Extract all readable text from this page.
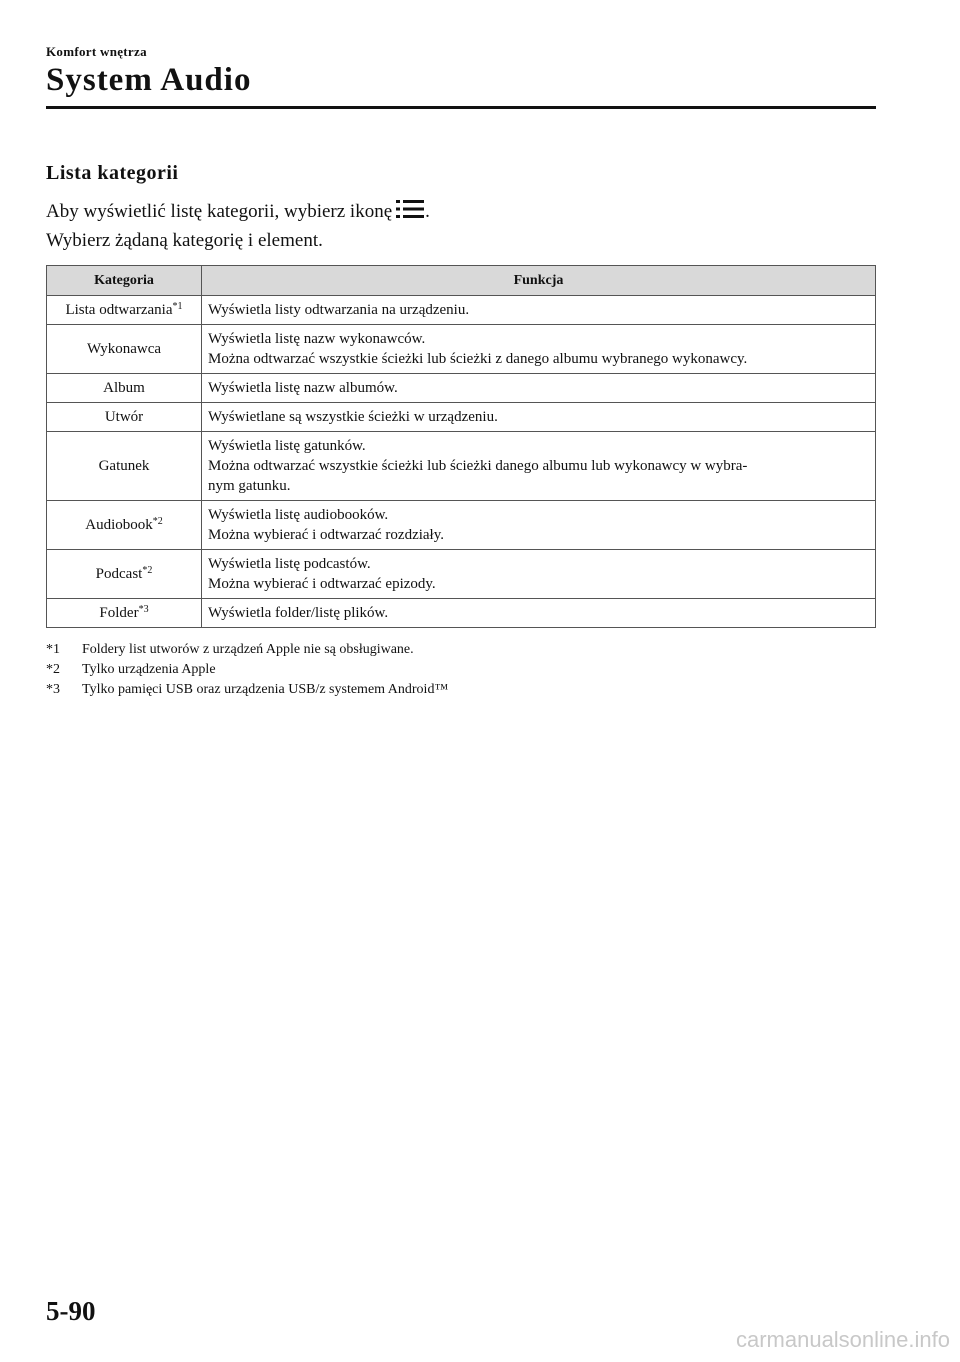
Komfort wnętrza
System Audio
Lista kategorii
Aby wyświetlić listę kategorii, wybierz ikonę .
Wybierz żądaną kategorię i element.
Kategoria	Funkcja
Lista odtwarzania$^{*1}$	Wyświetla listy odtwarzania na urządzeniu.

Wykonawca	Wyświetla listę nazw wykonawców.
Można odtwarzać wszystkie ścieżki lub ścieżki z danego albumu wybranego wykonawcy.

Album	Wyświetla listę nazw albumów.

Utwór	Wyświetlane są wszystkie ścieżki w urządzeniu.

Gatunek	Wyświetla listę gatunków.
Można odtwarzać wszystkie ścieżki lub ścieżki danego albumu lub wykonawcy w wybra-
nym gatunku.

Audiobook$^{*2}$	Wyświetla listę audiobooków.
Można wybierać i odtwarzać rozdziały.

Podcast$^{*2}$	Wyświetla listę podcastów.
Można wybierać i odtwarzać epizody.

Folder$^{*3}$	Wyświetla folder/listę plików.
*1	Foldery list utworów z urządzeń Apple nie są obsługiwane.
*2	Tylko urządzenia Apple
*3	Tylko pamięci USB oraz urządzenia USB/z systemem Android™
5-90
carmanualsonline.info
